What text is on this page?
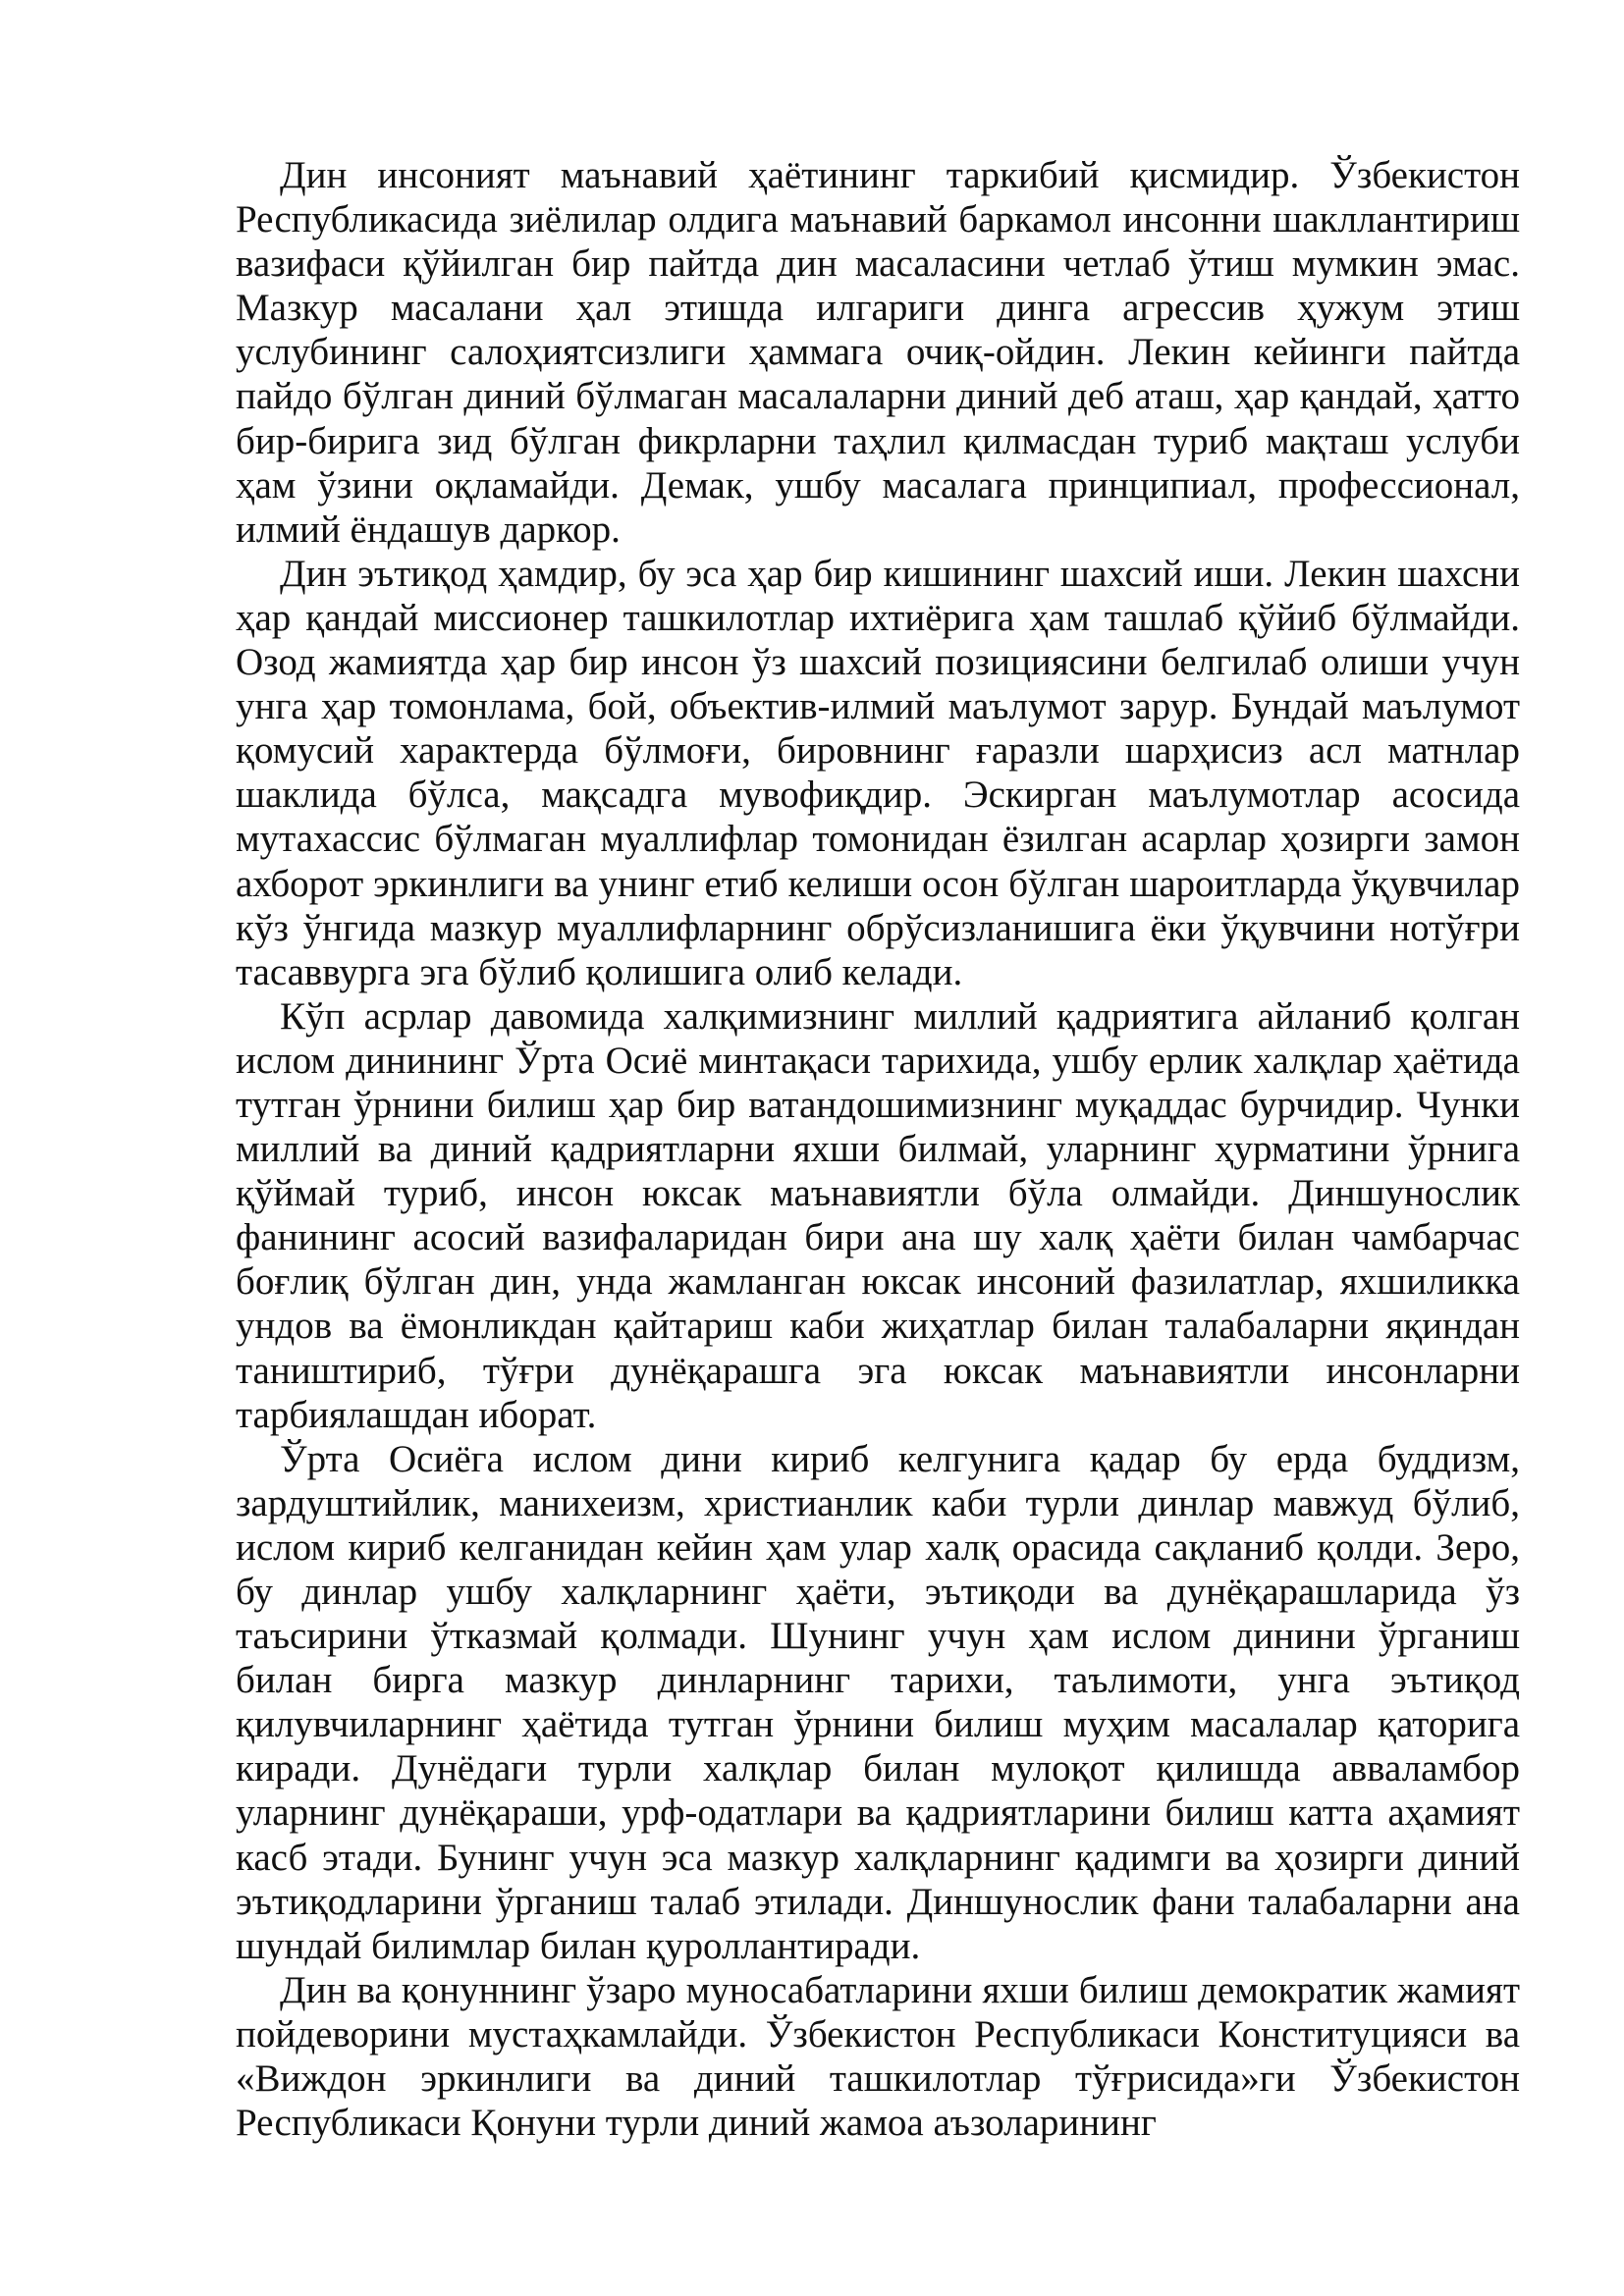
Дин инсоният маънавий ҳаётининг таркибий қисмидир. Ўзбекистон Республикасида зиёлилар олдига маънавий баркамол инсонни шакллантириш вазифаси қўйилган бир пайтда дин масаласини четлаб ўтиш мумкин эмас. Мазкур масалани ҳал этишда илгариги динга агрессив ҳужум этиш услубининг салоҳиятсизлиги ҳаммага очиқ-ойдин. Лекин кейинги пайтда пайдо бўлган диний бўлмаган масалаларни диний деб аташ, ҳар қандай, ҳатто бир-бирига зид бўлган фикрларни таҳлил қилмасдан туриб мақташ услуби ҳам ўзини оқламайди. Демак, ушбу масалага принципиал, профессионал, илмий ёндашув даркор.

Дин эътиқод ҳамдир, бу эса ҳар бир кишининг шахсий иши. Лекин шахсни ҳар қандай миссионер ташкилотлар ихтиёрига ҳам ташлаб қўйиб бўлмайди. Озод жамиятда ҳар бир инсон ўз шахсий позициясини белгилаб олиши учун унга ҳар томонлама, бой, объектив-илмий маълумот зарур. Бундай маълумот қомусий характерда бўлмоғи, бировнинг ғаразли шарҳисиз асл матнлар шаклида бўлса, мақсадга мувофиқдир. Эскирган маълумотлар асосида мутахассис бўлмаган муаллифлар томонидан ёзилган асарлар ҳозирги замон ахборот эркинлиги ва унинг етиб келиши осон бўлган шароитларда ўқувчилар кўз ўнгида мазкур муаллифларнинг обрўсизланишига ёки ўқувчини нотўғри тасаввурга эга бўлиб қолишига олиб келади.

Кўп асрлар давомида халқимизнинг миллий қадриятига айланиб қолган ислом динининг Ўрта Осиё минтақаси тарихида, ушбу ерлик халқлар ҳаётида тутган ўрнини билиш ҳар бир ватандошимизнинг муқаддас бурчидир. Чунки миллий ва диний қадриятларни яхши билмай, уларнинг ҳурматини ўрнига қўймай туриб, инсон юксак маънавиятли бўла олмайди. Диншунослик фанининг асосий вазифаларидан бири ана шу халқ ҳаёти билан чамбарчас боғлиқ бўлган дин, унда жамланган юксак инсоний фазилатлар, яхшиликка ундов ва ёмонликдан қайтариш каби жиҳатлар билан талабаларни яқиндан таништириб, тўғри дунёқарашга эга юксак маънавиятли инсонларни тарбиялашдан иборат.

Ўрта Осиёга ислом дини кириб келгунига қадар бу ерда буддизм, зардуштийлик, манихеизм, христианлик каби турли динлар мавжуд бўлиб, ислом кириб келганидан кейин ҳам улар халқ орасида сақланиб қолди. Зеро, бу динлар ушбу халқларнинг ҳаёти, эътиқоди ва дунёқарашларида ўз таъсирини ўтказмай қолмади. Шунинг учун ҳам ислом динини ўрганиш билан бирга мазкур динларнинг тарихи, таълимоти, унга эътиқод қилувчиларнинг ҳаётида тутган ўрнини билиш муҳим масалалар қаторига киради. Дунёдаги турли халқлар билан мулоқот қилишда авваламбор уларнинг дунёқараши, урф-одатлари ва қадриятларини билиш катта аҳамият касб этади. Бунинг учун эса мазкур халқларнинг қадимги ва ҳозирги диний эътиқодларини ўрганиш талаб этилади. Диншунослик фани талабаларни ана шундай билимлар билан қуроллантиради.

Дин ва қонуннинг ўзаро муносабатларини яхши билиш демократик жамият пойдеворини мустаҳкамлайди. Ўзбекистон Республикаси Конституцияси ва «Виждон эркинлиги ва диний ташкилотлар тўғрисида»ги Ўзбекистон Республикаси Қонуни турли диний жамоа аъзоларининг
